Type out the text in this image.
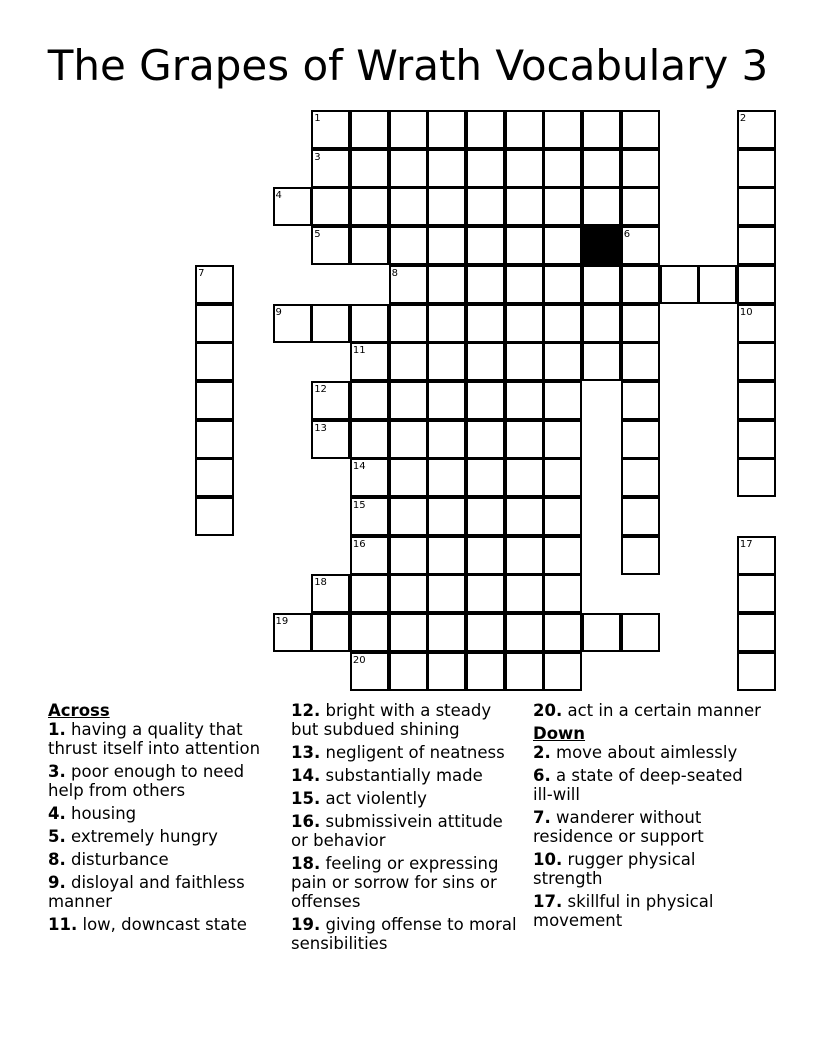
The Grapes of Wrath Vocabulary 3
1	2
3
4
5	6
7	8
9	10
11
12
13
14
15
16	17
18
19
20
Across
1. having a quality that thrust itself into attention
3. poor enough to need help from others
4. housing
5. extremely hungry
8. disturbance
9. disloyal and faithless manner
11. low, downcast state
12. bright with a steady but subdued shining
13. negligent of neatness
14. substantially made
15. act violently
16. submissivein attitude or behavior
18. feeling or expressing pain or sorrow for sins or offenses
19. giving offense to moral sensibilities
20. act in a certain manner
Down
2. move about aimlessly
6. a state of deep-seated ill-will
7. wanderer without residence or support
10. rugger physical strength
17. skillful in physical movement
